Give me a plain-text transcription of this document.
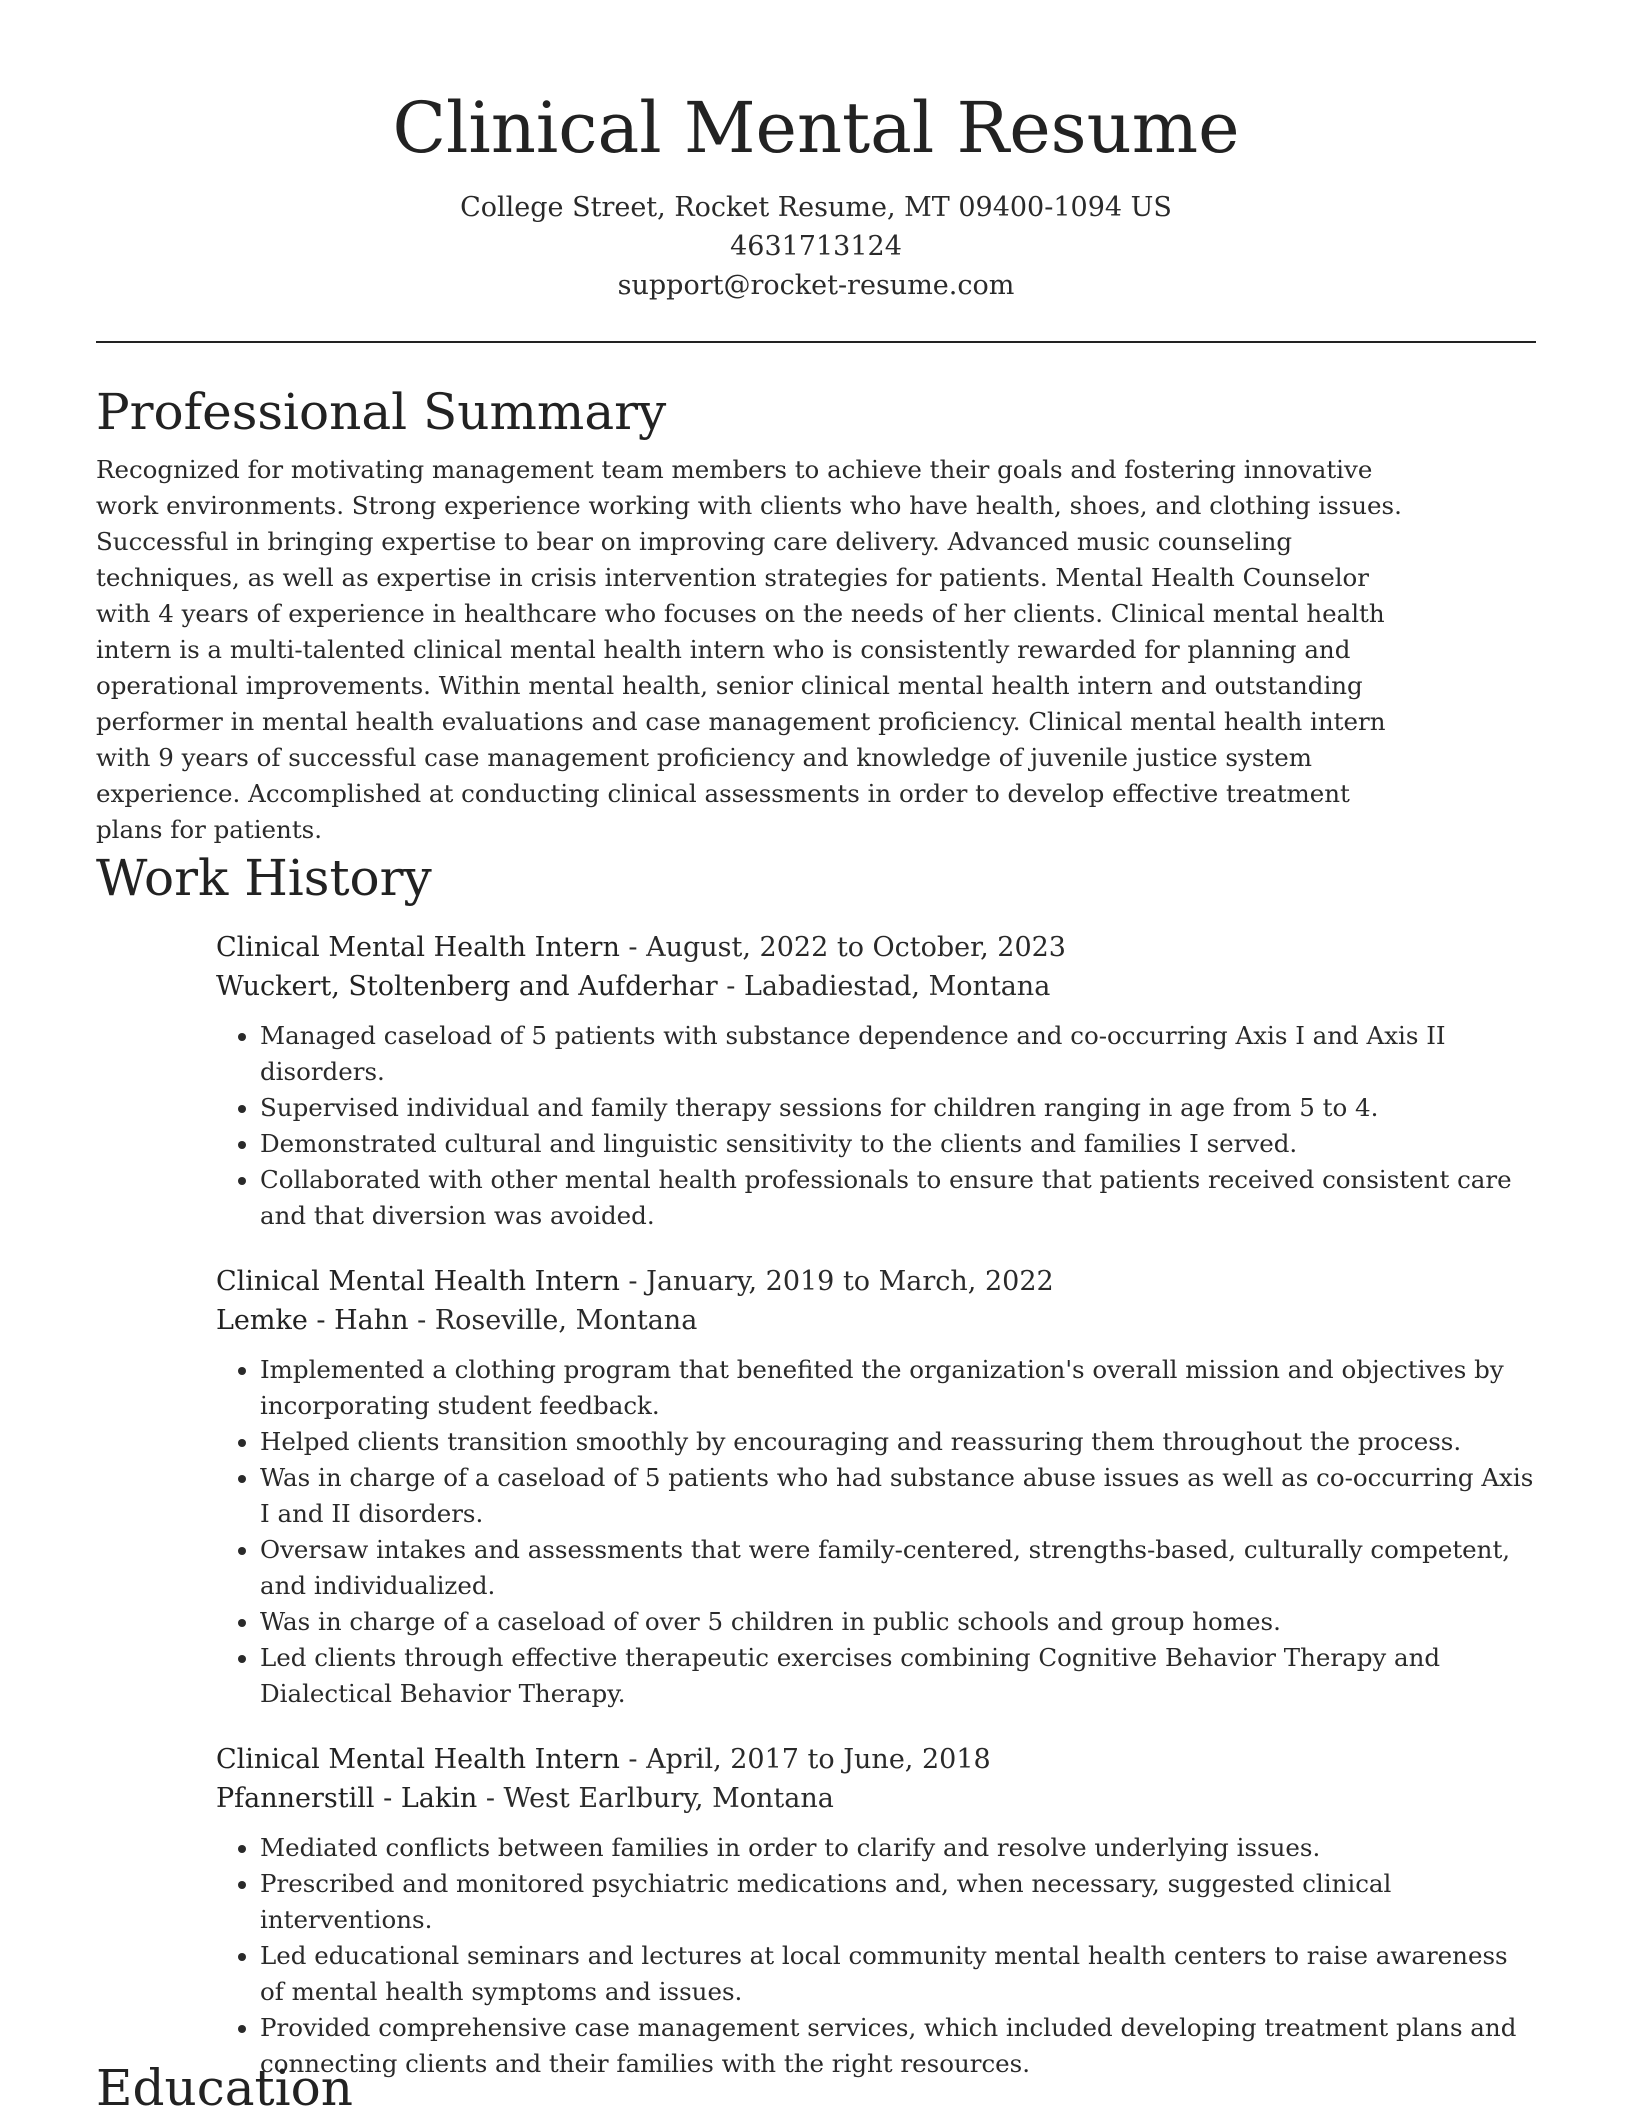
Clinical Mental Resume
College Street, Rocket Resume, MT 09400-1094 US
4631713124
support@rocket-resume.com
Professional Summary

Recognized for motivating management team members to achieve their goals and fostering innovative work environments. Strong experience working with clients who have health, shoes, and clothing issues. Successful in bringing expertise to bear on improving care delivery. Advanced music counseling techniques, as well as expertise in crisis intervention strategies for patients. Mental Health Counselor with 4 years of experience in healthcare who focuses on the needs of her clients. Clinical mental health intern is a multi-talented clinical mental health intern who is consistently rewarded for planning and operational improvements. Within mental health, senior clinical mental health intern and outstanding performer in mental health evaluations and case management proficiency. Clinical mental health intern with 9 years of successful case management proficiency and knowledge of juvenile justice system experience. Accomplished at conducting clinical assessments in order to develop effective treatment plans for patients.

Work History
Clinical Mental Health Intern - August, 2022 to October, 2023
Wuckert, Stoltenberg and Aufderhar - Labadiestad, Montana
• Managed caseload of 5 patients with substance dependence and co-occurring Axis I and Axis II disorders.
• Supervised individual and family therapy sessions for children ranging in age from 5 to 4.
• Demonstrated cultural and linguistic sensitivity to the clients and families I served.
• Collaborated with other mental health professionals to ensure that patients received consistent care and that diversion was avoided.
Clinical Mental Health Intern - January, 2019 to March, 2022
Lemke - Hahn - Roseville, Montana
• Implemented a clothing program that benefited the organization's overall mission and objectives by incorporating student feedback.
• Helped clients transition smoothly by encouraging and reassuring them throughout the process.
• Was in charge of a caseload of 5 patients who had substance abuse issues as well as co-occurring Axis I and II disorders.
• Oversaw intakes and assessments that were family-centered, strengths-based, culturally competent, and individualized.
• Was in charge of a caseload of over 5 children in public schools and group homes.
• Led clients through effective therapeutic exercises combining Cognitive Behavior Therapy and Dialectical Behavior Therapy.
Clinical Mental Health Intern - April, 2017 to June, 2018
Pfannerstill - Lakin - West Earlbury, Montana
• Mediated conflicts between families in order to clarify and resolve underlying issues.
• Prescribed and monitored psychiatric medications and, when necessary, suggested clinical interventions.
• Led educational seminars and lectures at local community mental health centers to raise awareness of mental health symptoms and issues.
• Provided comprehensive case management services, which included developing treatment plans and connecting clients and their families with the right resources.
Education
